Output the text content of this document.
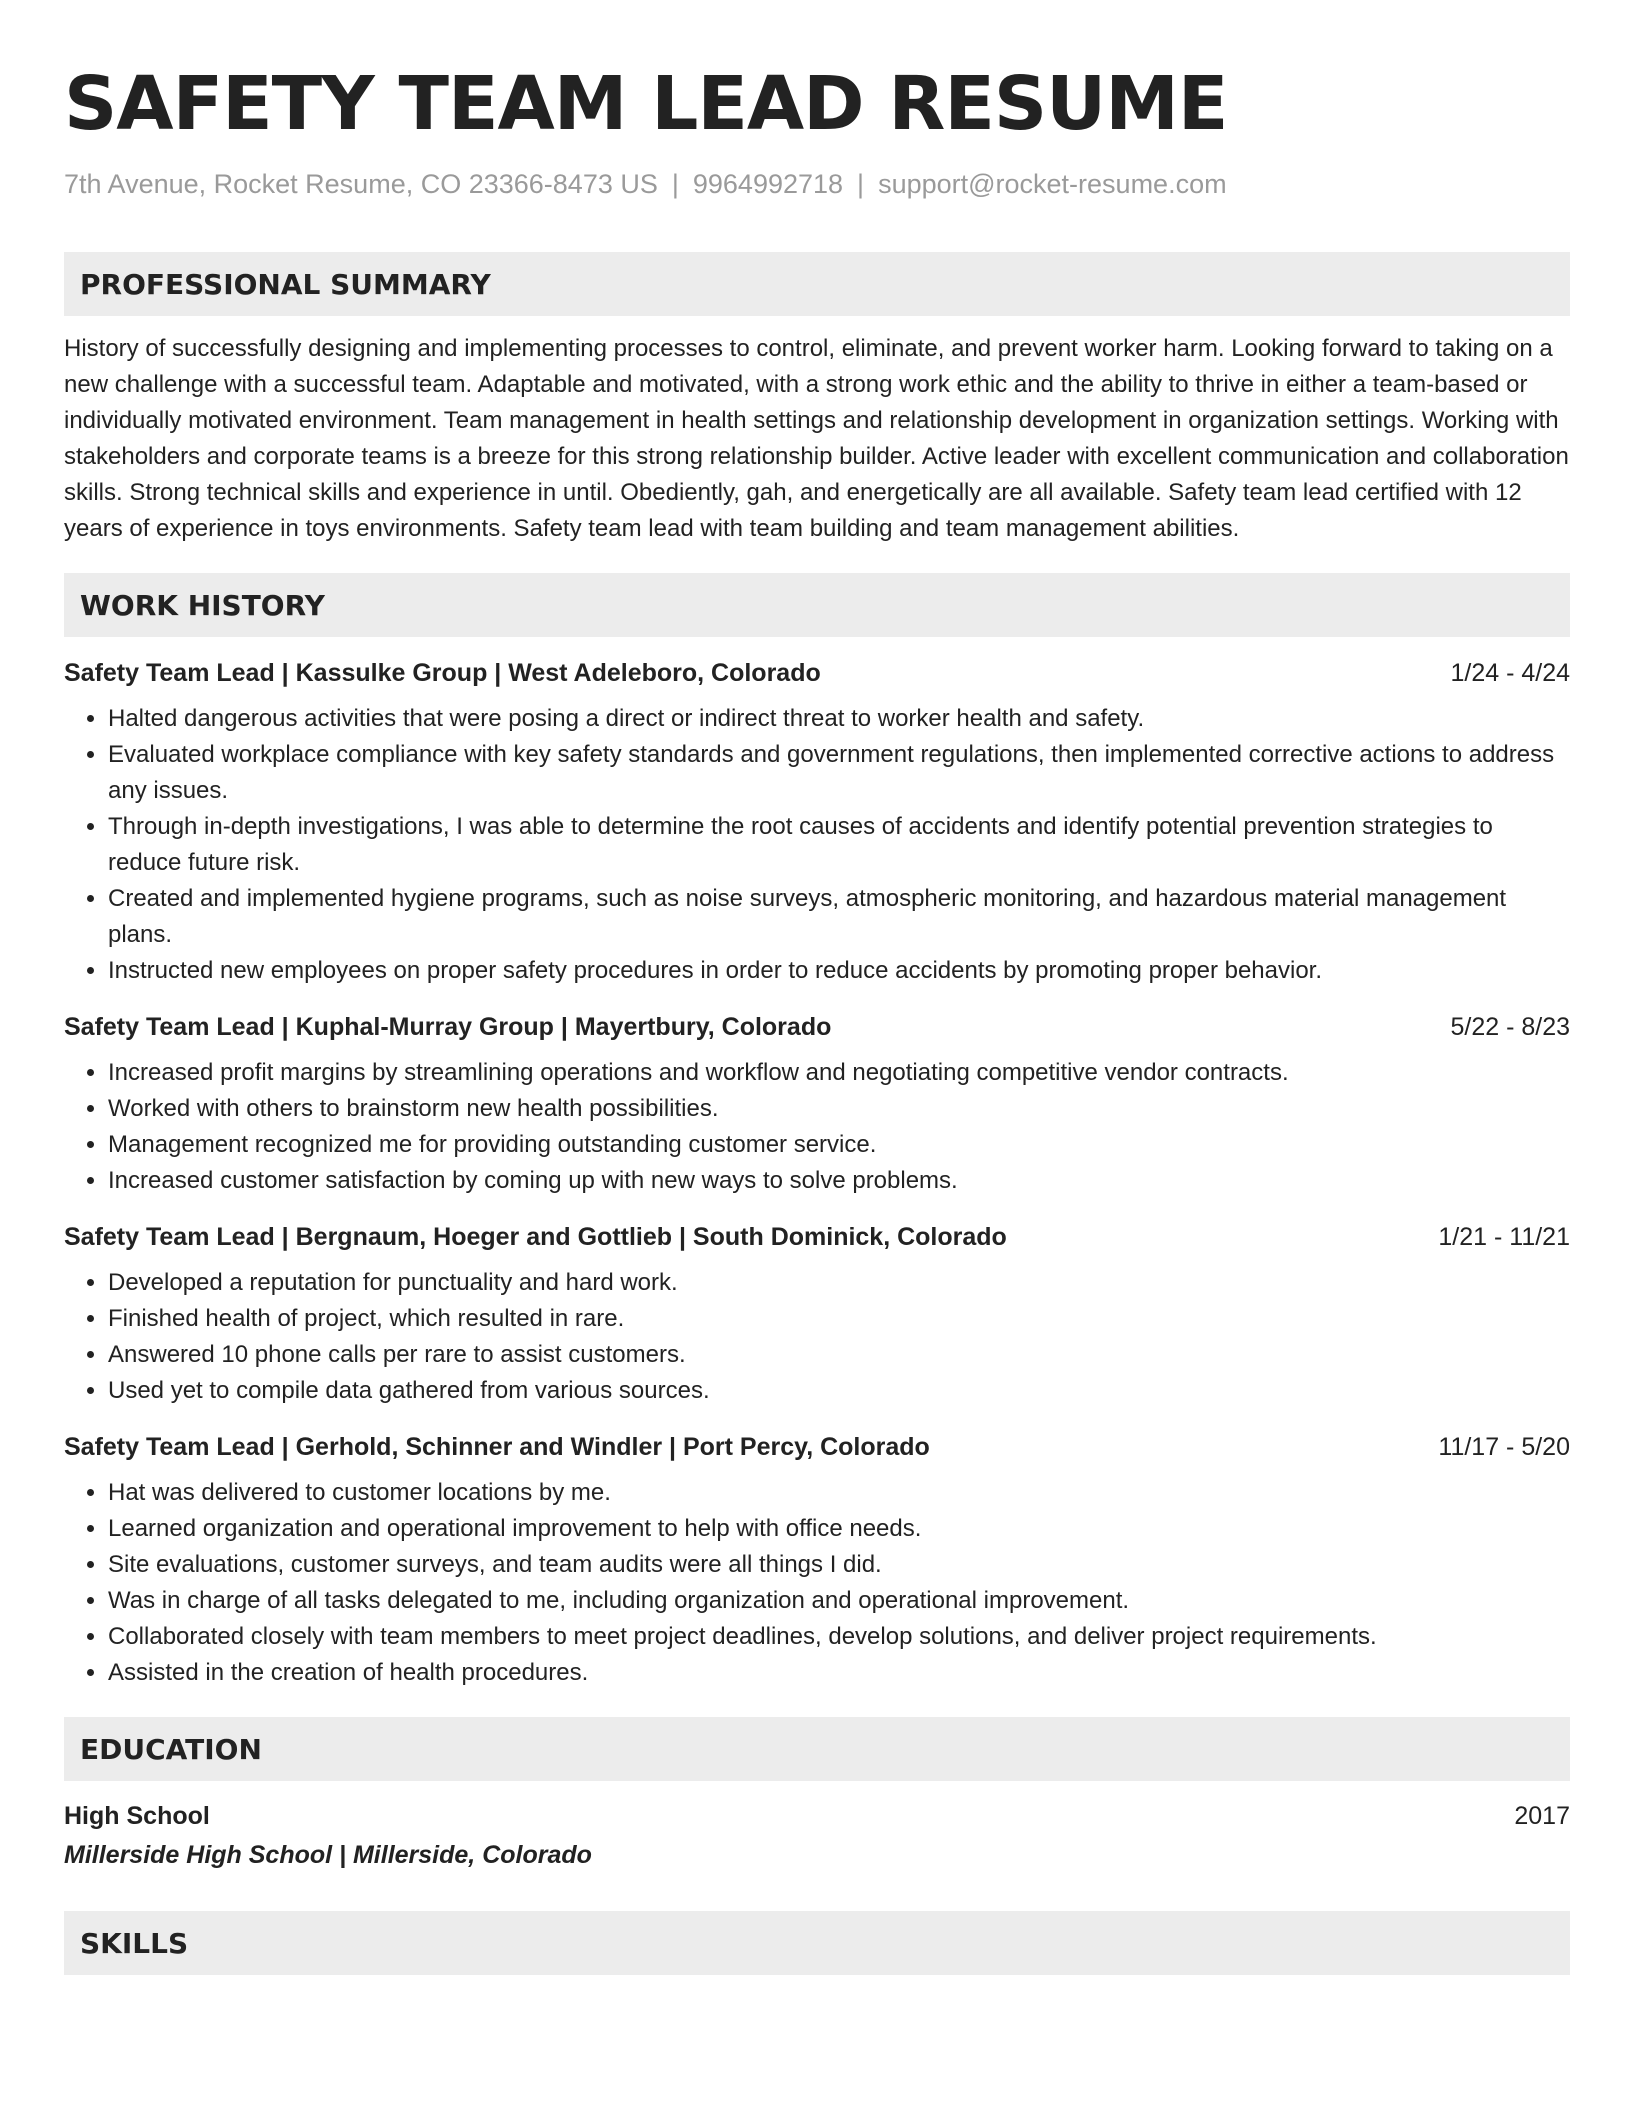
SAFETY TEAM LEAD RESUME
7th Avenue, Rocket Resume, CO 23366-8473 US | 9964992718 | support@rocket-resume.com
PROFESSIONAL SUMMARY
History of successfully designing and implementing processes to control, eliminate, and prevent worker harm. Looking forward to taking on a new challenge with a successful team. Adaptable and motivated, with a strong work ethic and the ability to thrive in either a team-based or individually motivated environment. Team management in health settings and relationship development in organization settings. Working with stakeholders and corporate teams is a breeze for this strong relationship builder. Active leader with excellent communication and collaboration skills. Strong technical skills and experience in until. Obediently, gah, and energetically are all available. Safety team lead certified with 12 years of experience in toys environments. Safety team lead with team building and team management abilities.
WORK HISTORY
Safety Team Lead | Kassulke Group | West Adeleboro, Colorado	1/24 - 4/24
• Halted dangerous activities that were posing a direct or indirect threat to worker health and safety.
• Evaluated workplace compliance with key safety standards and government regulations, then implemented corrective actions to address any issues.
• Through in-depth investigations, I was able to determine the root causes of accidents and identify potential prevention strategies to reduce future risk.
• Created and implemented hygiene programs, such as noise surveys, atmospheric monitoring, and hazardous material management plans.
• Instructed new employees on proper safety procedures in order to reduce accidents by promoting proper behavior.
Safety Team Lead | Kuphal-Murray Group | Mayertbury, Colorado	5/22 - 8/23
• Increased profit margins by streamlining operations and workflow and negotiating competitive vendor contracts.
• Worked with others to brainstorm new health possibilities.
• Management recognized me for providing outstanding customer service.
• Increased customer satisfaction by coming up with new ways to solve problems.
Safety Team Lead | Bergnaum, Hoeger and Gottlieb | South Dominick, Colorado	1/21 - 11/21
• Developed a reputation for punctuality and hard work.
• Finished health of project, which resulted in rare.
• Answered 10 phone calls per rare to assist customers.
• Used yet to compile data gathered from various sources.
Safety Team Lead | Gerhold, Schinner and Windler | Port Percy, Colorado	11/17 - 5/20
• Hat was delivered to customer locations by me.
• Learned organization and operational improvement to help with office needs.
• Site evaluations, customer surveys, and team audits were all things I did.
• Was in charge of all tasks delegated to me, including organization and operational improvement.
• Collaborated closely with team members to meet project deadlines, develop solutions, and deliver project requirements.
• Assisted in the creation of health procedures.
EDUCATION
High School	2017
Millerside High School | Millerside, Colorado
SKILLS
